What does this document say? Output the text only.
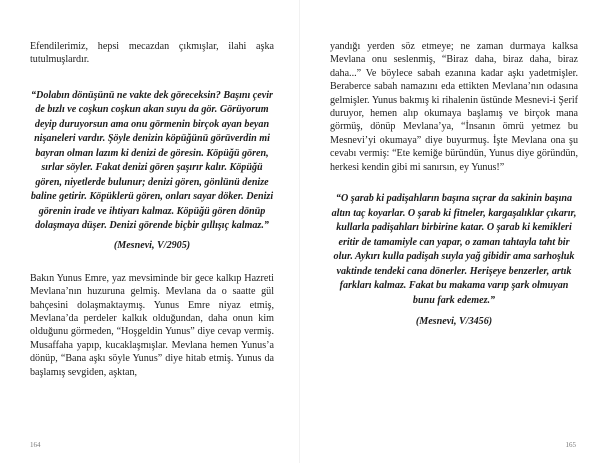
Efendilerimiz, hepsi mecazdan çıkmışlar, ilahi aşka tutulmuşlardır.

“Dolabın dönüşünü ne vakte dek göreceksin? Başını çevir de bızlı ve coşkun coşkun akan suyu da gör. Görüyorum deyip duruyorsun ama onu görmenin birçok ayan beyan nişaneleri vardır. Şöyle denizin köpüğünü görüverdin mi bayran olman lazım ki denizi de göresin. Köpüğü gören, sırlar söyler. Fakat denizi gören şaşırır kalır. Köpüğü gören, niyetlerde bulunur; denizi gören, gönlünü denize baline getirir. Köpüklerü gören, onları sayar döker. Denizi görenin irade ve ihtiyarı kalmaz. Köpüğü gören dönüp dolaşmaya düşer. Denizi görende biçbir gıllışıç kalmaz.”

(Mesnevi, V/2905)

Bakın Yunus Emre, yaz mevsiminde bir gece kalkıp Hazreti Mevlana’nın huzuruna gelmiş. Mevlana da o saatte gül bahçesini dolaşmaktaymış. Yunus Emre niyaz etmiş, Mevlana’da perdeler kalkık olduğundan, daha onun kim olduğunu görmeden, “Hoşgeldin Yunus” diye cevap vermiş. Musaffaha yapıp, kucaklaşmışlar. Mevlana hemen Yunus’a dönüp, “Bana aşkı söyle Yunus” diye hitab etmiş. Yunus da başlamış sevgiden, aşktan,

164

yandığı yerden söz etmeye; ne zaman durmaya kalksa Mevlana onu seslenmiş, “Biraz daha, biraz daha, biraz daha...” Ve böylece sabah ezanına kadar aşkı yadetmişler. Beraberce sabah namazını eda ettikten Mevlana’nın odasına gelmişler. Yunus bakmış ki rihalenin üstünde Mesnevi-i Şerif duruyor, hemen alıp okumaya başlamış ve birçok mana görmüş, dönüp Mevlana’ya, “İnsanın ömrü yetmez bu Mesnevi’yi okumaya” diye buyurmuş. İşte Mevlana ona şu cevabı vermiş: “Ete kemiğe büründün, Yunus diye göründün, herkesi kendin gibi mi sanırsın, ey Yunus!”

“O şarab ki padişahların başına sıçrar da sakinin başına altın taç koyarlar. O şarab ki fitneler, kargaşalıklar çıkarır, kullarla padişahları birbirine katar. O şarab ki kemikleri eritir de tamamiyle can yapar, o zaman tahtayla taht bir olur. Aykırı kulla padişah suyla yağ gibidir ama sarhoşluk vaktinde tendeki cana dönerler. Herişeye benzerler, artık farkları kalmaz. Fakat bu makama varıp şark olmuyan bunu fark edemez.”

(Mesnevi, V/3456)

165
